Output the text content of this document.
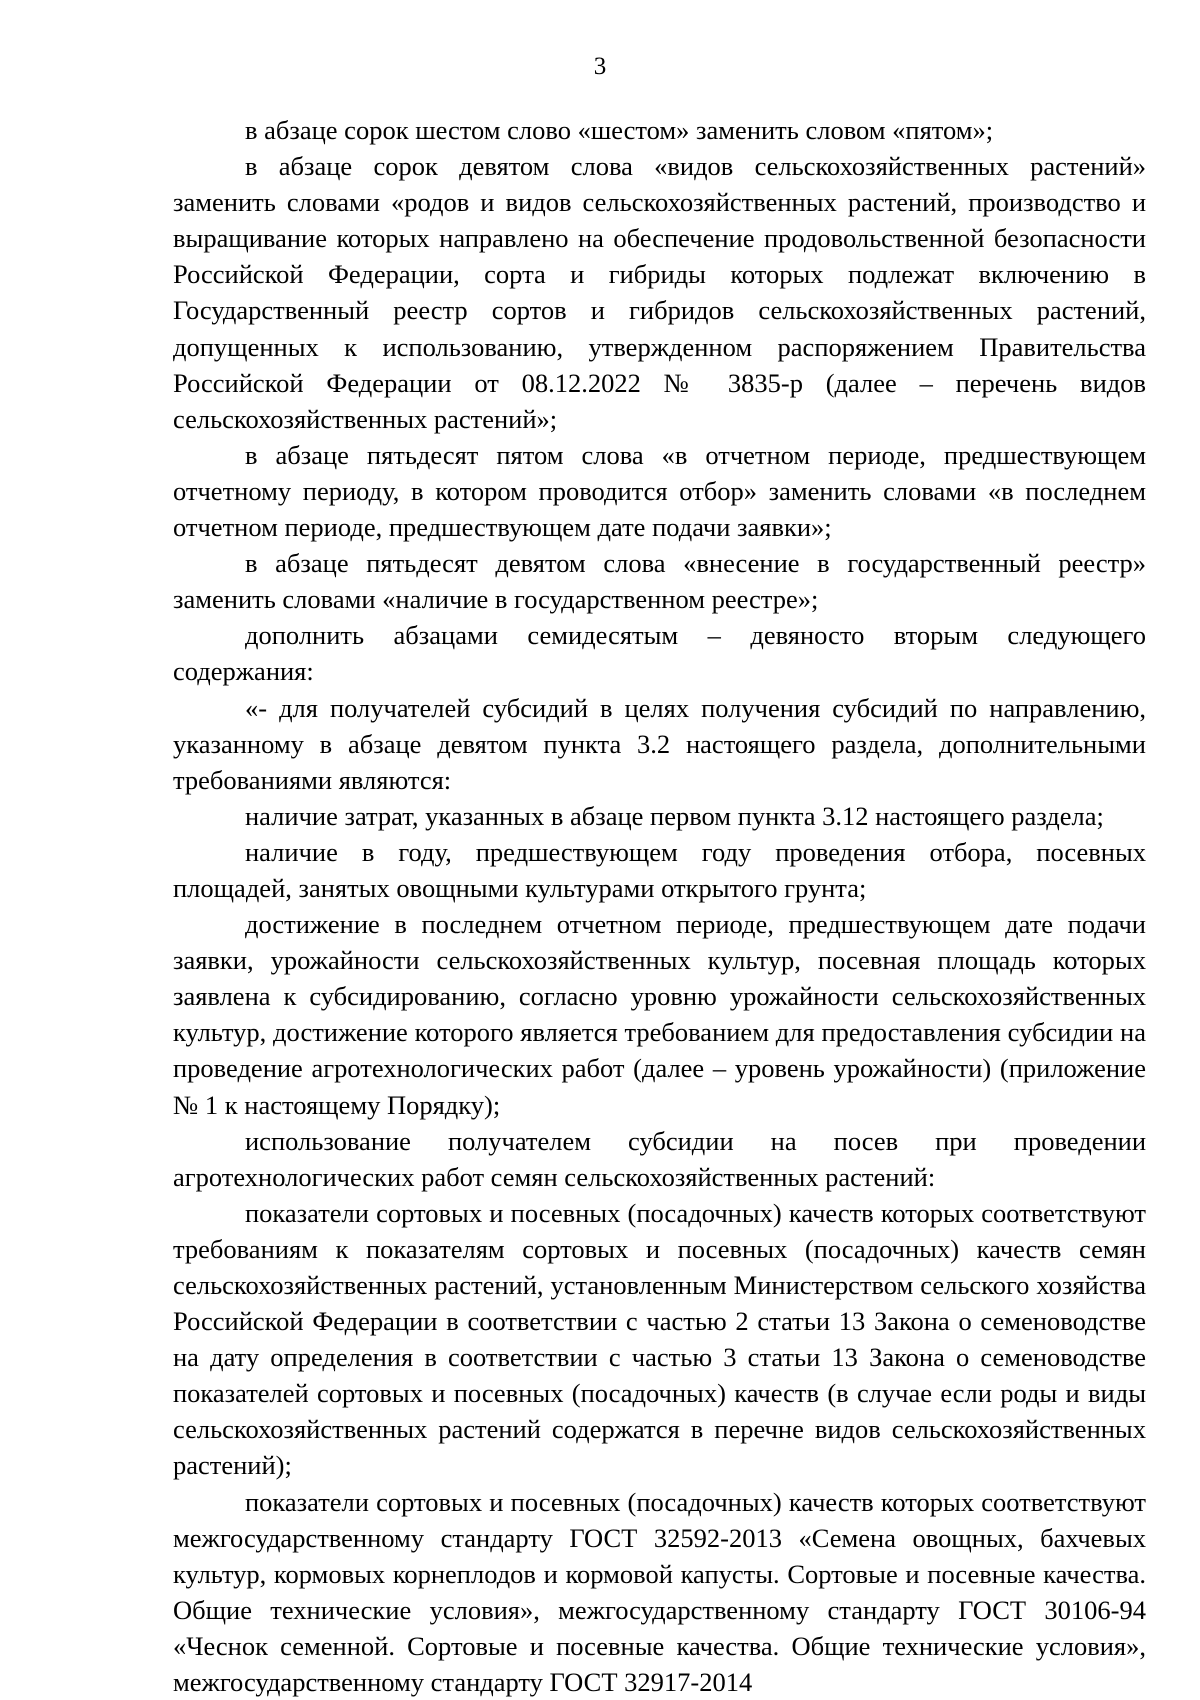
3

в абзаце сорок шестом слово «шестом» заменить словом «пятом»;

в абзаце сорок девятом слова «видов сельскохозяйственных растений» заменить словами «родов и видов сельскохозяйственных растений, производство и выращивание которых направлено на обеспечение продовольственной безопасности Российской Федерации, сорта и гибриды которых подлежат включению в Государственный реестр сортов и гибридов сельскохозяйственных растений, допущенных к использованию, утвержденном распоряжением Правительства Российской Федерации от 08.12.2022 № 3835-р (далее – перечень видов сельскохозяйственных растений»;

в абзаце пятьдесят пятом слова «в отчетном периоде, предшествующем отчетному периоду, в котором проводится отбор» заменить словами «в последнем отчетном периоде, предшествующем дате подачи заявки»;

в абзаце пятьдесят девятом слова «внесение в государственный реестр» заменить словами «наличие в государственном реестре»;

дополнить абзацами семидесятым – девяносто вторым следующего содержания:

«- для получателей субсидий в целях получения субсидий по направлению, указанному в абзаце девятом пункта 3.2 настоящего раздела, дополнительными требованиями являются:

наличие затрат, указанных в абзаце первом пункта 3.12 настоящего раздела;

наличие в году, предшествующем году проведения отбора, посевных площадей, занятых овощными культурами открытого грунта;

достижение в последнем отчетном периоде, предшествующем дате подачи заявки, урожайности сельскохозяйственных культур, посевная площадь которых заявлена к субсидированию, согласно уровню урожайности сельскохозяйственных культур, достижение которого является требованием для предоставления субсидии на проведение агротехнологических работ (далее – уровень урожайности) (приложение № 1 к настоящему Порядку);

использование получателем субсидии на посев при проведении агротехнологических работ семян сельскохозяйственных растений:

показатели сортовых и посевных (посадочных) качеств которых соответствуют требованиям к показателям сортовых и посевных (посадочных) качеств семян сельскохозяйственных растений, установленным Министерством сельского хозяйства Российской Федерации в соответствии с частью 2 статьи 13 Закона о семеноводстве на дату определения в соответствии с частью 3 статьи 13 Закона о семеноводстве показателей сортовых и посевных (посадочных) качеств (в случае если роды и виды сельскохозяйственных растений содержатся в перечне видов сельскохозяйственных растений);

показатели сортовых и посевных (посадочных) качеств которых соответствуют межгосударственному стандарту ГОСТ 32592-2013 «Семена овощных, бахчевых культур, кормовых корнеплодов и кормовой капусты. Сортовые и посевные качества. Общие технические условия», межгосударственному стандарту ГОСТ 30106-94 «Чеснок семенной. Сортовые и посевные качества. Общие технические условия», межгосударственному стандарту ГОСТ 32917-2014
